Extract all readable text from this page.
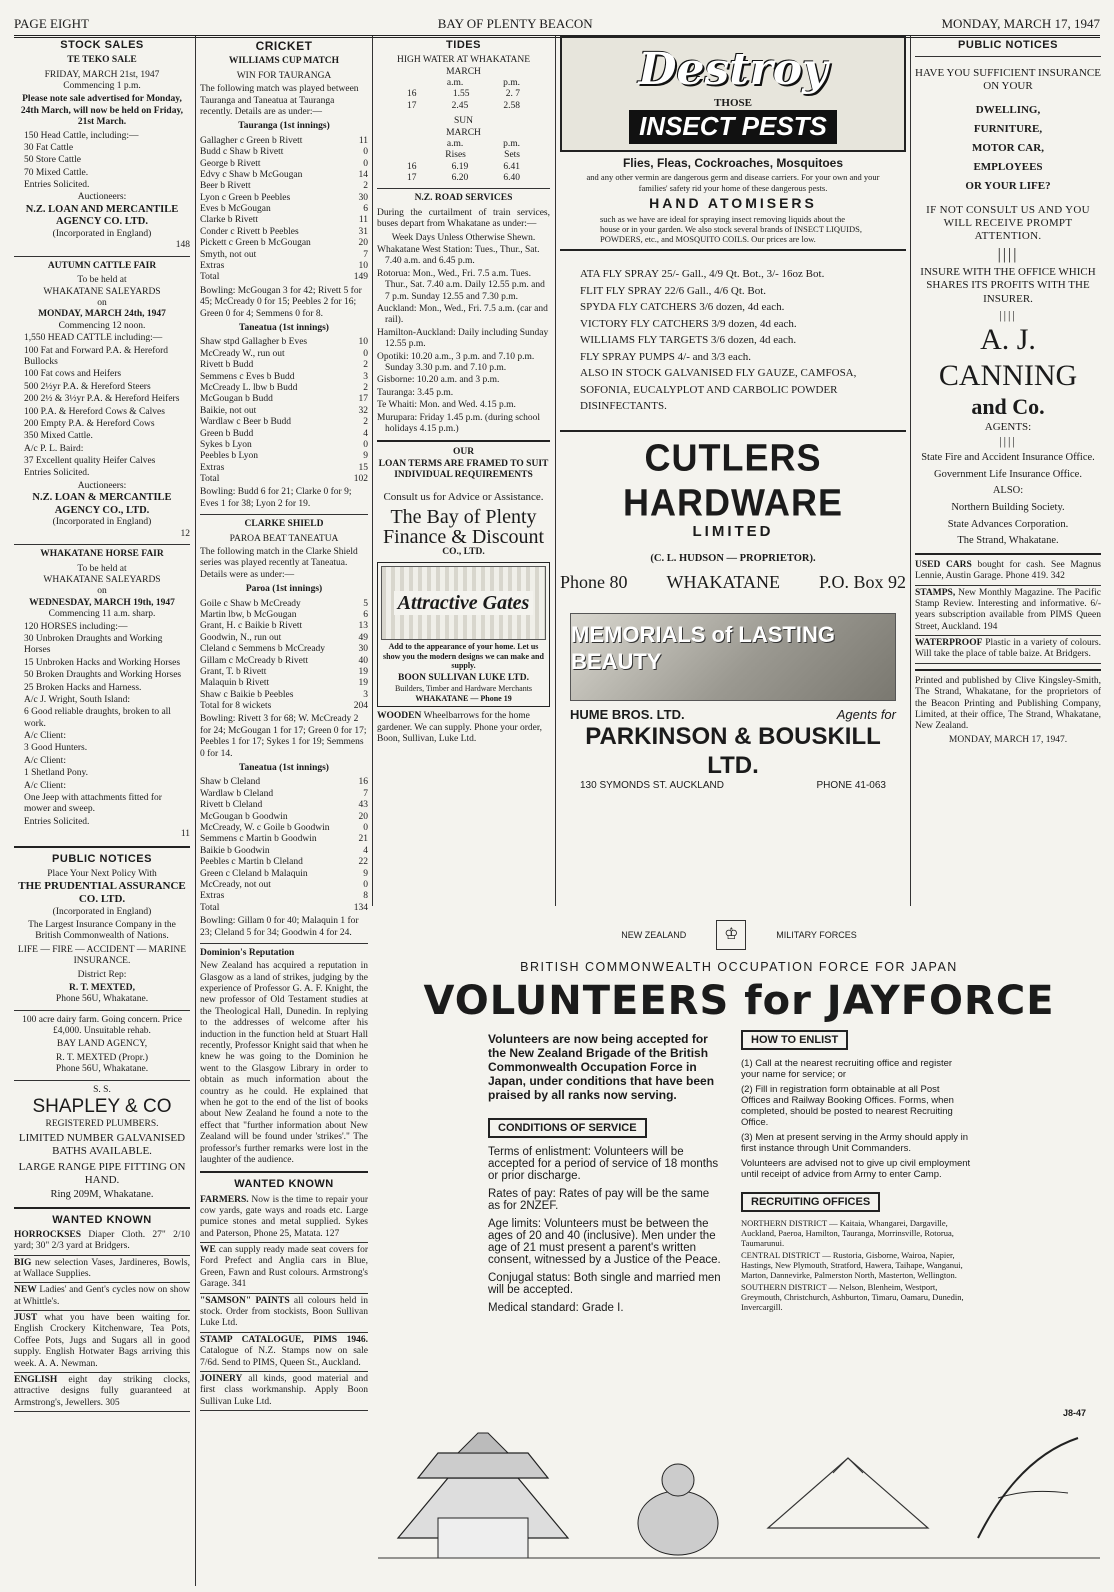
PAGE EIGHT	BAY OF PLENTY BEACON	MONDAY, MARCH 17, 1947
STOCK SALES
TE TEKO SALE
FRIDAY, MARCH 21st, 1947
Commencing 1 p.m.

Please note sale advertised for Monday, 24th March, will now be held on Friday, 21st March.

150 Head Cattle, including:—
30 Fat Cattle
50 Store Cattle
70 Mixed Cattle.
Entries Solicited.
Auctioneers:
N.Z. LOAN AND MERCANTILE AGENCY CO. LTD.
(Incorporated in England)
148
AUTUMN CATTLE FAIR
To be held at
WHAKATANE SALEYARDS
on
MONDAY, MARCH 24th, 1947
Commencing 12 noon.
1,550 HEAD CATTLE including:—
100 Fat and Forward P.A. & Hereford Bullocks
100 Fat cows and Heifers
500 2½yr P.A. & Hereford Steers
200 2½ & 3½yr P.A. & Hereford Heifers
100 P.A. & Hereford Cows & Calves
200 Empty P.A. & Hereford Cows
350 Mixed Cattle.
A/c P. L. Baird:
37 Excellent quality Heifer Calves
Entries Solicited.
Auctioneers:
N.Z. LOAN & MERCANTILE AGENCY CO., LTD.
(Incorporated in England)
12
WHAKATANE HORSE FAIR
To be held at
WHAKATANE SALEYARDS
on
WEDNESDAY, MARCH 19th, 1947
Commencing 11 a.m. sharp.
120 HORSES including:—
30 Unbroken Draughts and Working Horses
15 Unbroken Hacks and Working Horses
50 Broken Draughts and Working Horses
25 Broken Hacks and Harness.
A/c J. Wright, South Island:
6 Good reliable draughts, broken to all work.
A/c Client:
3 Good Hunters.
A/c Client:
1 Shetland Pony.
A/c Client:
One Jeep with attachments fitted for mower and sweep.
Entries Solicited.
11
PUBLIC NOTICES
Place Your Next Policy With
THE PRUDENTIAL ASSURANCE CO. LTD.
(Incorporated in England)

The Largest Insurance Company in the British Commonwealth of Nations.

LIFE — FIRE — ACCIDENT — MARINE INSURANCE.

District Rep:

R. T. MEXTED,
Phone 56U, Whakatane.

100 acre dairy farm. Going concern. Price £4,000. Unsuitable rehab.

BAY LAND AGENCY,

R. T. MEXTED (Propr.)
Phone 56U, Whakatane.
S. S.
SHAPLEY & CO
REGISTERED PLUMBERS.

LIMITED NUMBER GALVANISED BATHS AVAILABLE.

LARGE RANGE PIPE FITTING ON HAND.

Ring 209M, Whakatane.
WANTED KNOWN

HORROCKSES Diaper Cloth. 27" 2/10 yard; 30" 2/3 yard at Bridgers.

BIG new selection Vases, Jardineres, Bowls, at Wallace Supplies.

NEW Ladies' and Gent's cycles now on show at Whittle's.

JUST what you have been waiting for. English Crockery Kitchenware, Tea Pots, Coffee Pots, Jugs and Sugars all in good supply. English Hotwater Bags arriving this week. A. A. Newman.

ENGLISH eight day striking clocks, attractive designs fully guaranteed at Armstrong's, Jewellers. 305

CRICKET
WILLIAMS CUP MATCH
WIN FOR TAURANGA

The following match was played between Tauranga and Taneatua at Tauranga recently. Details are as under:—

Tauranga (1st innings)
Gallagher c Green b Rivett	11
Budd c Shaw b Rivett	0
George b Rivett	0
Edvy c Shaw b McGougan	14
Beer b Rivett	2
Lyon c Green b Peebles	30
Eves b McGougan	6
Clarke b Rivett	11
Conder c Rivett b Peebles	31
Pickett c Green b McGougan	20
Smyth, not out	7
Extras	10
Total	149

Bowling: McGougan 3 for 42; Rivett 5 for 45; McCready 0 for 15; Peebles 2 for 16; Green 0 for 4; Semmens 0 for 8.

Taneatua (1st innings)
Shaw stpd Gallagher b Eves	10
McCready W., run out	0
Rivett b Budd	2
Semmens c Eves b Budd	3
McCready L. lbw b Budd	2
McGougan b Budd	17
Baikie, not out	32
Wardlaw c Beer b Budd	2
Green b Budd	4
Sykes b Lyon	0
Peebles b Lyon	9
Extras	15
Total	102

Bowling: Budd 6 for 21; Clarke 0 for 9; Eves 1 for 38; Lyon 2 for 19.

CLARKE SHIELD
PAROA BEAT TANEATUA

The following match in the Clarke Shield series was played recently at Taneatua. Details were as under:—

Paroa (1st innings)
Goile c Shaw b McCready	5
Martin lbw, b McGougan	6
Grant, H. c Baikie b Rivett	13
Goodwin, N., run out	49
Cleland c Semmens b McCready	30
Gillam c McCready b Rivett	40
Grant, T. b Rivett	19
Malaquin b Rivett	19
Shaw c Baikie b Peebles	3
Total for 8 wickets	204

Bowling: Rivett 3 for 68; W. McCready 2 for 24; McGougan 1 for 17; Green 0 for 17; Peebles 1 for 17; Sykes 1 for 19; Semmens 0 for 14.

Taneatua (1st innings)
Shaw b Cleland	16
Wardlaw b Cleland	7
Rivett b Cleland	43
McGougan b Goodwin	20
McCready, W. c Goile b Goodwin	0
Semmens c Martin b Goodwin	21
Baikie b Goodwin	4
Peebles c Martin b Cleland	22
Green c Cleland b Malaquin	9
McCready, not out	0
Extras	8
Total	134

Bowling: Gillam 0 for 40; Malaquin 1 for 23; Cleland 5 for 34; Goodwin 4 for 24.

Dominion's Reputation

New Zealand has acquired a reputation in Glasgow as a land of strikes, judging by the experience of Professor G. A. F. Knight, the new professor of Old Testament studies at the Theological Hall, Dunedin. In replying to the addresses of welcome after his induction in the function held at Stuart Hall recently, Professor Knight said that when he knew he was going to the Dominion he went to the Glasgow Library in order to obtain as much information about the country as he could. He explained that when he got to the end of the list of books about New Zealand he found a note to the effect that "further information about New Zealand will be found under 'strikes'." The professor's further remarks were lost in the laughter of the audience.

WANTED KNOWN

FARMERS. Now is the time to repair your cow yards, gate ways and roads etc. Large pumice stones and metal supplied. Sykes and Paterson, Phone 25, Matata. 127

WE can supply ready made seat covers for Ford Prefect and Anglia cars in Blue, Green, Fawn and Rust colours. Armstrong's Garage. 341

"SAMSON" PAINTS all colours held in stock. Order from stockists, Boon Sullivan Luke Ltd.

STAMP CATALOGUE, PIMS 1946. Catalogue of N.Z. Stamps now on sale 7/6d. Send to PIMS, Queen St., Auckland.

JOINERY all kinds, good material and first class workmanship. Apply Boon Sullivan Luke Ltd.

TIDES
HIGH WATER AT WHAKATANE
MARCH
a.m.	p.m.
16	1.55	2. 7
17	2.45	2.58
SUN
MARCH
a.m.	p.m.
Rises	Sets
16	6.19	6.41
17	6.20	6.40
N.Z. ROAD SERVICES

During the curtailment of train services, buses depart from Whakatane as under:—

Week Days Unless Otherwise Shewn.
Whakatane West Station: Tues., Thur., Sat. 7.40 a.m. and 6.45 p.m.
Rotorua: Mon., Wed., Fri. 7.5 a.m. Tues. Thur., Sat. 7.40 a.m. Daily 12.55 p.m. and 7 p.m. Sunday 12.55 and 7.30 p.m.
Auckland: Mon., Wed., Fri. 7.5 a.m. (car and rail).
Hamilton-Auckland: Daily including Sunday 12.55 p.m.
Opotiki: 10.20 a.m., 3 p.m. and 7.10 p.m. Sunday 3.30 p.m. and 7.10 p.m.
Gisborne: 10.20 a.m. and 3 p.m.
Tauranga: 3.45 p.m.
Te Whaiti: Mon. and Wed. 4.15 p.m.
Murupara: Friday 1.45 p.m. (during school holidays 4.15 p.m.)
OUR
LOAN TERMS ARE FRAMED TO SUIT INDIVIDUAL REQUIREMENTS

Consult us for Advice or Assistance.

The Bay of Plenty
Finance & Discount
CO., LTD.
Attractive Gates

Add to the appearance of your home. Let us show you the modern designs we can make and supply.

BOON SULLIVAN LUKE LTD.
Builders, Timber and Hardware Merchants
WHAKATANE — Phone 19

WOODEN Wheelbarrows for the home gardener. We can supply. Phone your order, Boon, Sullivan, Luke Ltd.

Destroy
THOSE
INSECT PESTS
Flies, Fleas, Cockroaches, Mosquitoes

and any other vermin are dangerous germ and disease carriers. For your own and your families' safety rid your home of these dangerous pests.

HAND ATOMISERS

such as we have are ideal for spraying insect removing liquids about the house or in your garden. We also stock several brands of INSECT LIQUIDS, POWDERS, etc., and MOSQUITO COILS. Our prices are low.

ATA FLY SPRAY 25/- Gall., 4/9 Qt. Bot., 3/- 16oz Bot.
FLIT FLY SPRAY 22/6 Gall., 4/6 Qt. Bot.
SPYDA FLY CATCHERS 3/6 dozen, 4d each.
VICTORY FLY CATCHERS 3/9 dozen, 4d each.
WILLIAMS FLY TARGETS 3/6 dozen, 4d each.
FLY SPRAY PUMPS 4/- and 3/3 each.
ALSO IN STOCK GALVANISED FLY GAUZE, CAMFOSA, SOFONIA, EUCALYPLOT AND CARBOLIC POWDER DISINFECTANTS.
CUTLERS HARDWARE
LIMITED
(C. L. HUDSON — PROPRIETOR).
Phone 80 WHAKATANE P.O. Box 92
MEMORIALS of LASTING BEAUTY
HUME BROS. LTD.	Agents for
PARKINSON & BOUSKILL LTD.
130 SYMONDS ST. AUCKLAND	PHONE 41-063
PUBLIC NOTICES

HAVE YOU SUFFICIENT INSURANCE ON YOUR

DWELLING,
FURNITURE,
MOTOR CAR,
EMPLOYEES
OR YOUR LIFE?

IF NOT CONSULT US AND YOU WILL RECEIVE PROMPT ATTENTION.

||||

INSURE WITH THE OFFICE WHICH SHARES ITS PROFITS WITH THE INSURER.

||||
A. J. CANNING
and Co.
AGENTS:
||||
State Fire and Accident Insurance Office.
Government Life Insurance Office.
ALSO:
Northern Building Society.
State Advances Corporation.
The Strand, Whakatane.

USED CARS bought for cash. See Magnus Lennie, Austin Garage. Phone 419. 342

STAMPS, New Monthly Magazine. The Pacific Stamp Review. Interesting and informative. 6/- years subscription available from PIMS Queen Street, Auckland. 194

WATERPROOF Plastic in a variety of colours. Will take the place of table baize. At Bridgers.

Printed and published by Clive Kingsley-Smith, The Strand, Whakatane, for the proprietors of the Beacon Printing and Publishing Company, Limited, at their office, The Strand, Whakatane, New Zealand.

MONDAY, MARCH 17, 1947.
NEW ZEALAND	♔	MILITARY FORCES
BRITISH COMMONWEALTH OCCUPATION FORCE FOR JAPAN
VOLUNTEERS for JAYFORCE

Volunteers are now being accepted for the New Zealand Brigade of the British Commonwealth Occupation Force in Japan, under conditions that have been praised by all ranks now serving.

CONDITIONS OF SERVICE
Terms of enlistment: Volunteers will be accepted for a period of service of 18 months or prior discharge.
Rates of pay: Rates of pay will be the same as for 2NZEF.
Age limits: Volunteers must be between the ages of 20 and 40 (inclusive). Men under the age of 21 must present a parent's written consent, witnessed by a Justice of the Peace.
Conjugal status: Both single and married men will be accepted.
Medical standard: Grade I.
HOW TO ENLIST
(1) Call at the nearest recruiting office and register your name for service; or
(2) Fill in registration form obtainable at all Post Offices and Railway Booking Offices. Forms, when completed, should be posted to nearest Recruiting Office.
(3) Men at present serving in the Army should apply in first instance through Unit Commanders.

Volunteers are advised not to give up civil employment until receipt of advice from Army to enter Camp.

RECRUITING OFFICES
NORTHERN DISTRICT — Kaitaia, Whangarei, Dargaville, Auckland, Paeroa, Hamilton, Tauranga, Morrinsville, Rotorua, Taumarunui.
CENTRAL DISTRICT — Rustoria, Gisborne, Wairoa, Napier, Hastings, New Plymouth, Stratford, Hawera, Taihape, Wanganui, Marton, Dannevirke, Palmerston North, Masterton, Wellington.
SOUTHERN DISTRICT — Nelson, Blenheim, Westport, Greymouth, Christchurch, Ashburton, Timaru, Oamaru, Dunedin, Invercargill.
J8-47
